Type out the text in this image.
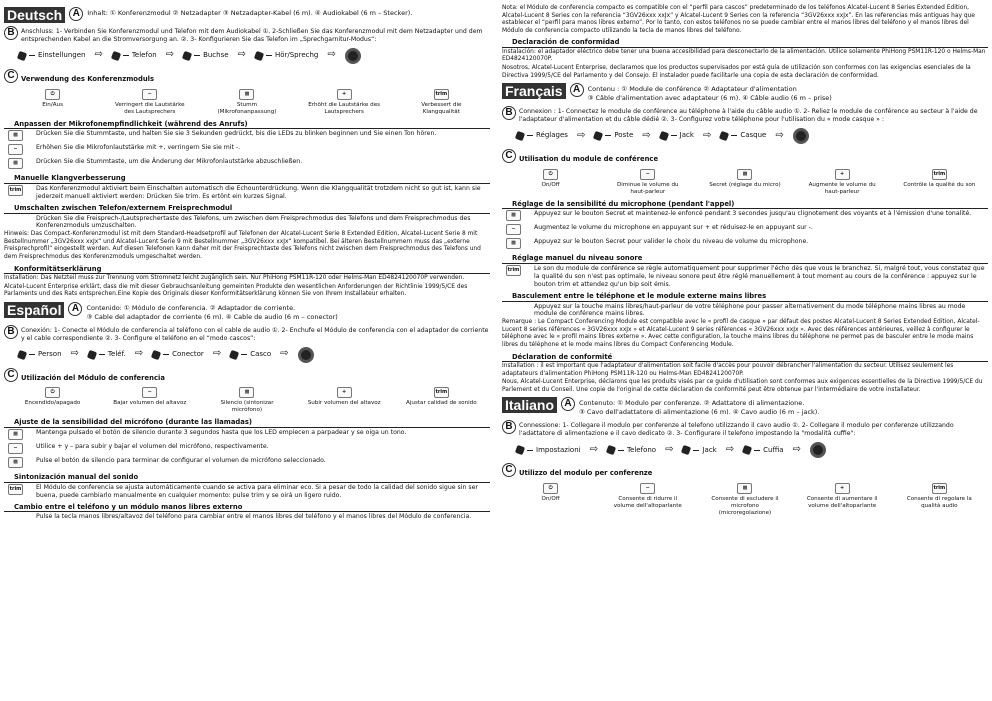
Deutsch	A	Inhalt: ① Konferenzmodul ② Netzadapter ③ Netzadapter-Kabel (6 m). ④ Audiokabel (6 m – Stecker).
B	Anschluss: 1- Verbinden Sie Konferenzmodul und Telefon mit dem Audiokabel ①. 2-Schließen Sie das Konferenzmodul mit dem Netzadapter und dem entsprechenden Kabel an die Stromversorgung an. ②. 3- Konfigurieren Sie das Telefon im „Sprechgarnitur-Modus“:
Einstellungen ⇨	Telefon ⇨	Buchse ⇨	Hör/Sprechg ⇨
C Verwendung des Konferenzmoduls
⏻
Ein/Aus
−
Verringert die Lautstärke des Lautsprechers
▩
Stumm (Mikrofonanpassung)
+
Erhöht die Lautstärke des Lautsprechers
trim
Verbessert die Klangqualität
Anpassen der Mikrofonempfindlichkeit (während des Anrufs)
▩	Drücken Sie die Stummtaste, und halten Sie sie 3 Sekunden gedrückt, bis die LEDs zu blinken beginnen und Sie einen Ton hören.
−	Erhöhen Sie die Mikrofonlautstärke mit +, verringern Sie sie mit -.
▩	Drücken Sie die Stummtaste, um die Änderung der Mikrofonlautstärke abzuschließen.
Manuelle Klangverbesserung
trim	Das Konferenzmodul aktiviert beim Einschalten automatisch die Echounterdrückung. Wenn die Klangqualität trotzdem nicht so gut ist, kann sie jederzeit manuell aktiviert werden: Drücken Sie trim. Es ertönt ein kurzes Signal.
Umschalten zwischen Telefon/externem Freisprechmodul
Drücken Sie die Freisprech-/Lautsprechertaste des Telefons, um zwischen dem Freisprechmodus des Telefons und dem Freisprechmodus des Konferenzmoduls umzuschalten.
Hinweis: Das Compact-Konferenzmodul ist mit dem Standard-Headsetprofil auf Telefonen der Alcatel-Lucent Serie 8 Extended Edition, Alcatel-Lucent Serie 8 mit Bestellnummer „3GV26xxx xxJx“ und Alcatel-Lucent Serie 9 mit Bestellnummer „3GV26xxx xxJx“ kompatibel. Bei älteren Bestellnummern muss das „externe Freisprechprofil“ eingestellt werden. Auf diesen Telefonen kann daher mit der Freisprechtaste des Telefons nicht zwischen dem Freisprechmodus des Telefons und dem Freisprechmodus des Konferenzmoduls umgeschaltet werden.
Konformitätserklärung
Installation: Das Netzteil muss zur Trennung vom Stromnetz leicht zugänglich sein. Nur PhiHong PSM11R-120 oder Helms-Man ED4824120070P verwenden.
Alcatel-Lucent Enterprise erklärt, dass die mit dieser Gebrauchsanleitung gemeinten Produkte den wesentlichen Anforderungen der Richtlinie 1999/5/CE des Parlaments und des Rats entsprechen.Eine Kopie des Originals dieser Konformitätserklärung können Sie von Ihrem Installateur erhalten.
Español	A	Contenido: ① Módulo de conferencia. ② Adaptador de corriente.
③ Cable del adaptador de corriente (6 m). ④ Cable de audio (6 m – conector)
B	Conexión: 1- Conecte el Módulo de conferencia al teléfono con el cable de audio ①. 2- Enchufe el Módulo de conferencia con el adaptador de corriente y el cable correspondiente ②. 3- Configure el teléfono en el “modo cascos”:
Person ⇨	Teléf. ⇨	Conector ⇨	Casco ⇨
C Utilización del Módulo de conferencia
⏻
Encendido/apagado
−
Bajar volumen del altavoz
▩
Silencio (sintonizar micrófono)
+
Subir volumen del altavoz
trim
Ajustar calidad de sonido
Ajuste de la sensibilidad del micrófono (durante las llamadas)
▩	Mantenga pulsado el botón de silencio durante 3 segundos hasta que los LED empiecen a parpadear y se oiga un tono.
−	Utilice + y – para subir y bajar el volumen del micrófono, respectivamente.
▩	Pulse el botón de silencio para terminar de configurar el volumen de micrófono seleccionado.
Sintonización manual del sonido
trim	El Módulo de conferencia se ajusta automáticamente cuando se activa para eliminar eco. Si a pesar de todo la calidad del sonido sigue sin ser buena, puede cambiarlo manualmente en cualquier momento: pulse trim y se oirá un ligero ruido.
Cambio entre el teléfono y un módulo manos libres externo
Pulse la tecla manos libres/altavoz del teléfono para cambiar entre el manos libres del teléfono y el manos libres del Módulo de conferencia.
Nota: el Módulo de conferencia compacto es compatible con el “perfil para cascos” predeterminado de los teléfonos Alcatel-Lucent 8 Series Extended Edition, Alcatel-Lucent 8 Series con la referencia “3GV26xxx xxJx” y Alcatel-Lucent 9 Series con la referencia “3GV26xxx xxJx”. En las referencias más antiguas hay que establecer el “perfil para manos libres externo”. Por lo tanto, con estos teléfonos no se puede cambiar entre el manos libres del teléfono y el manos libres del Módulo de conferencia compacto utilizando la tecla de manos libres del teléfono.
Declaración de conformidad
Instalación: el adaptador eléctrico debe tener una buena accesibilidad para desconectarlo de la alimentación. Utilice solamente PhiHong PSM11R-120 o Helms-Man ED4824120070P.
Nosotros, Alcatel-Lucent Enterprise, declaramos que los productos supervisados por está guía de utilización son conformes con las exigencias esenciales de la Directiva 1999/5/CE del Parlamento y del Consejo. El instalador puede facilitarle una copia de esta declaración de conformidad.
Français	A	Contenu : ① Module de conférence ② Adaptateur d'alimentation
③ Câble d'alimentation avec adaptateur (6 m). ④ Câble audio (6 m – prise)
B	Connexion : 1- Connectez le module de conférence au téléphone à l'aide du câble audio ①. 2- Reliez le module de conférence au secteur à l'aide de l'adaptateur d'alimentation et du câble dédié ②. 3- Configurez votre téléphone pour l'utilisation du « mode casque » :
Réglages ⇨	Poste ⇨	Jack ⇨	Casque ⇨
C Utilisation du module de conférence
⏻
On/Off
−
Diminue le volume du haut-parleur
▩
Secret (réglage du micro)
+
Augmente le volume du haut-parleur
trim
Contrôle la qualité du son
Réglage de la sensibilité du microphone (pendant l'appel)
▩	Appuyez sur le bouton Secret et maintenez-le enfoncé pendant 3 secondes jusqu'au clignotement des voyants et à l'émission d'une tonalité.
−	Augmentez le volume du microphone en appuyant sur + et réduisez-le en appuyant sur -.
▩	Appuyez sur le bouton Secret pour valider le choix du niveau de volume du microphone.
Réglage manuel du niveau sonore
trim	Le son du module de conférence se règle automatiquement pour supprimer l'écho dès que vous le branchez. Si, malgré tout, vous constatez que la qualité du son n'est pas optimale, le niveau sonore peut être réglé manuellement à tout moment au cours de la conférence : appuyez sur le bouton trim et attendez qu'un bip soit émis.
Basculement entre le téléphone et le module externe mains libres
Appuyez sur la touche mains libres/haut-parleur de votre téléphone pour passer alternativement du mode téléphone mains libres au mode module de conférence mains libres.
Remarque : Le Compact Conferencing Module est compatible avec le « profil de casque » par défaut des postes Alcatel-Lucent 8 Series Extended Edition, Alcatel-Lucent 8 series références « 3GV26xxx xxJx » et Alcatel-Lucent 9 series références « 3GV26xxx xxJx ». Avec des références antérieures, veillez à configurer le téléphone avec le « profil mains libres externe ». Avec cette configuration, la touche mains libres du téléphone ne permet pas de basculer entre le mode mains libres du téléphone et le mode mains libres du Compact Conferencing Module.
Déclaration de conformité
Installation : il est important que l'adaptateur d'alimentation soit facile d'accès pour pouvoir débrancher l'alimentation du secteur. Utilisez seulement les adaptateurs d'alimentation PhiHong PSM11R-120 ou Helms-Man ED4824120070P.
Nous, Alcatel-Lucent Enterprise, déclarons que les produits visés par ce guide d'utilisation sont conformes aux exigences essentielles de la Directive 1999/5/CE du Parlement et du Conseil. Une copie de l'original de cette déclaration de conformité peut être obtenue par l'intermédiaire de votre installateur.
Italiano	A	Contenuto: ① Modulo per conferenze. ② Adattatore di alimentazione.
③ Cavo dell'adattatore di alimentazione (6 m). ④ Cavo audio (6 m – jack).
B	Connessione: 1- Collegare il modulo per conferenze al telefono utilizzando il cavo audio ①. 2- Collegare il modulo per conferenze utilizzando l'adattatore di alimentazione e il cavo dedicato ②. 3- Configurare il telefono impostando la "modalità cuffie":
Impostazioni ⇨	Telefono ⇨	Jack ⇨	Cuffia ⇨
C Utilizzo del modulo per conferenze
⏻
On/Off
−
Consente di ridurre il volume dell'altoparlante
▩
Consente di escludere il microfono (microregolazione)
+
Consente di aumentare il volume dell'altoparlante
trim
Consente di regolare la qualità audio
